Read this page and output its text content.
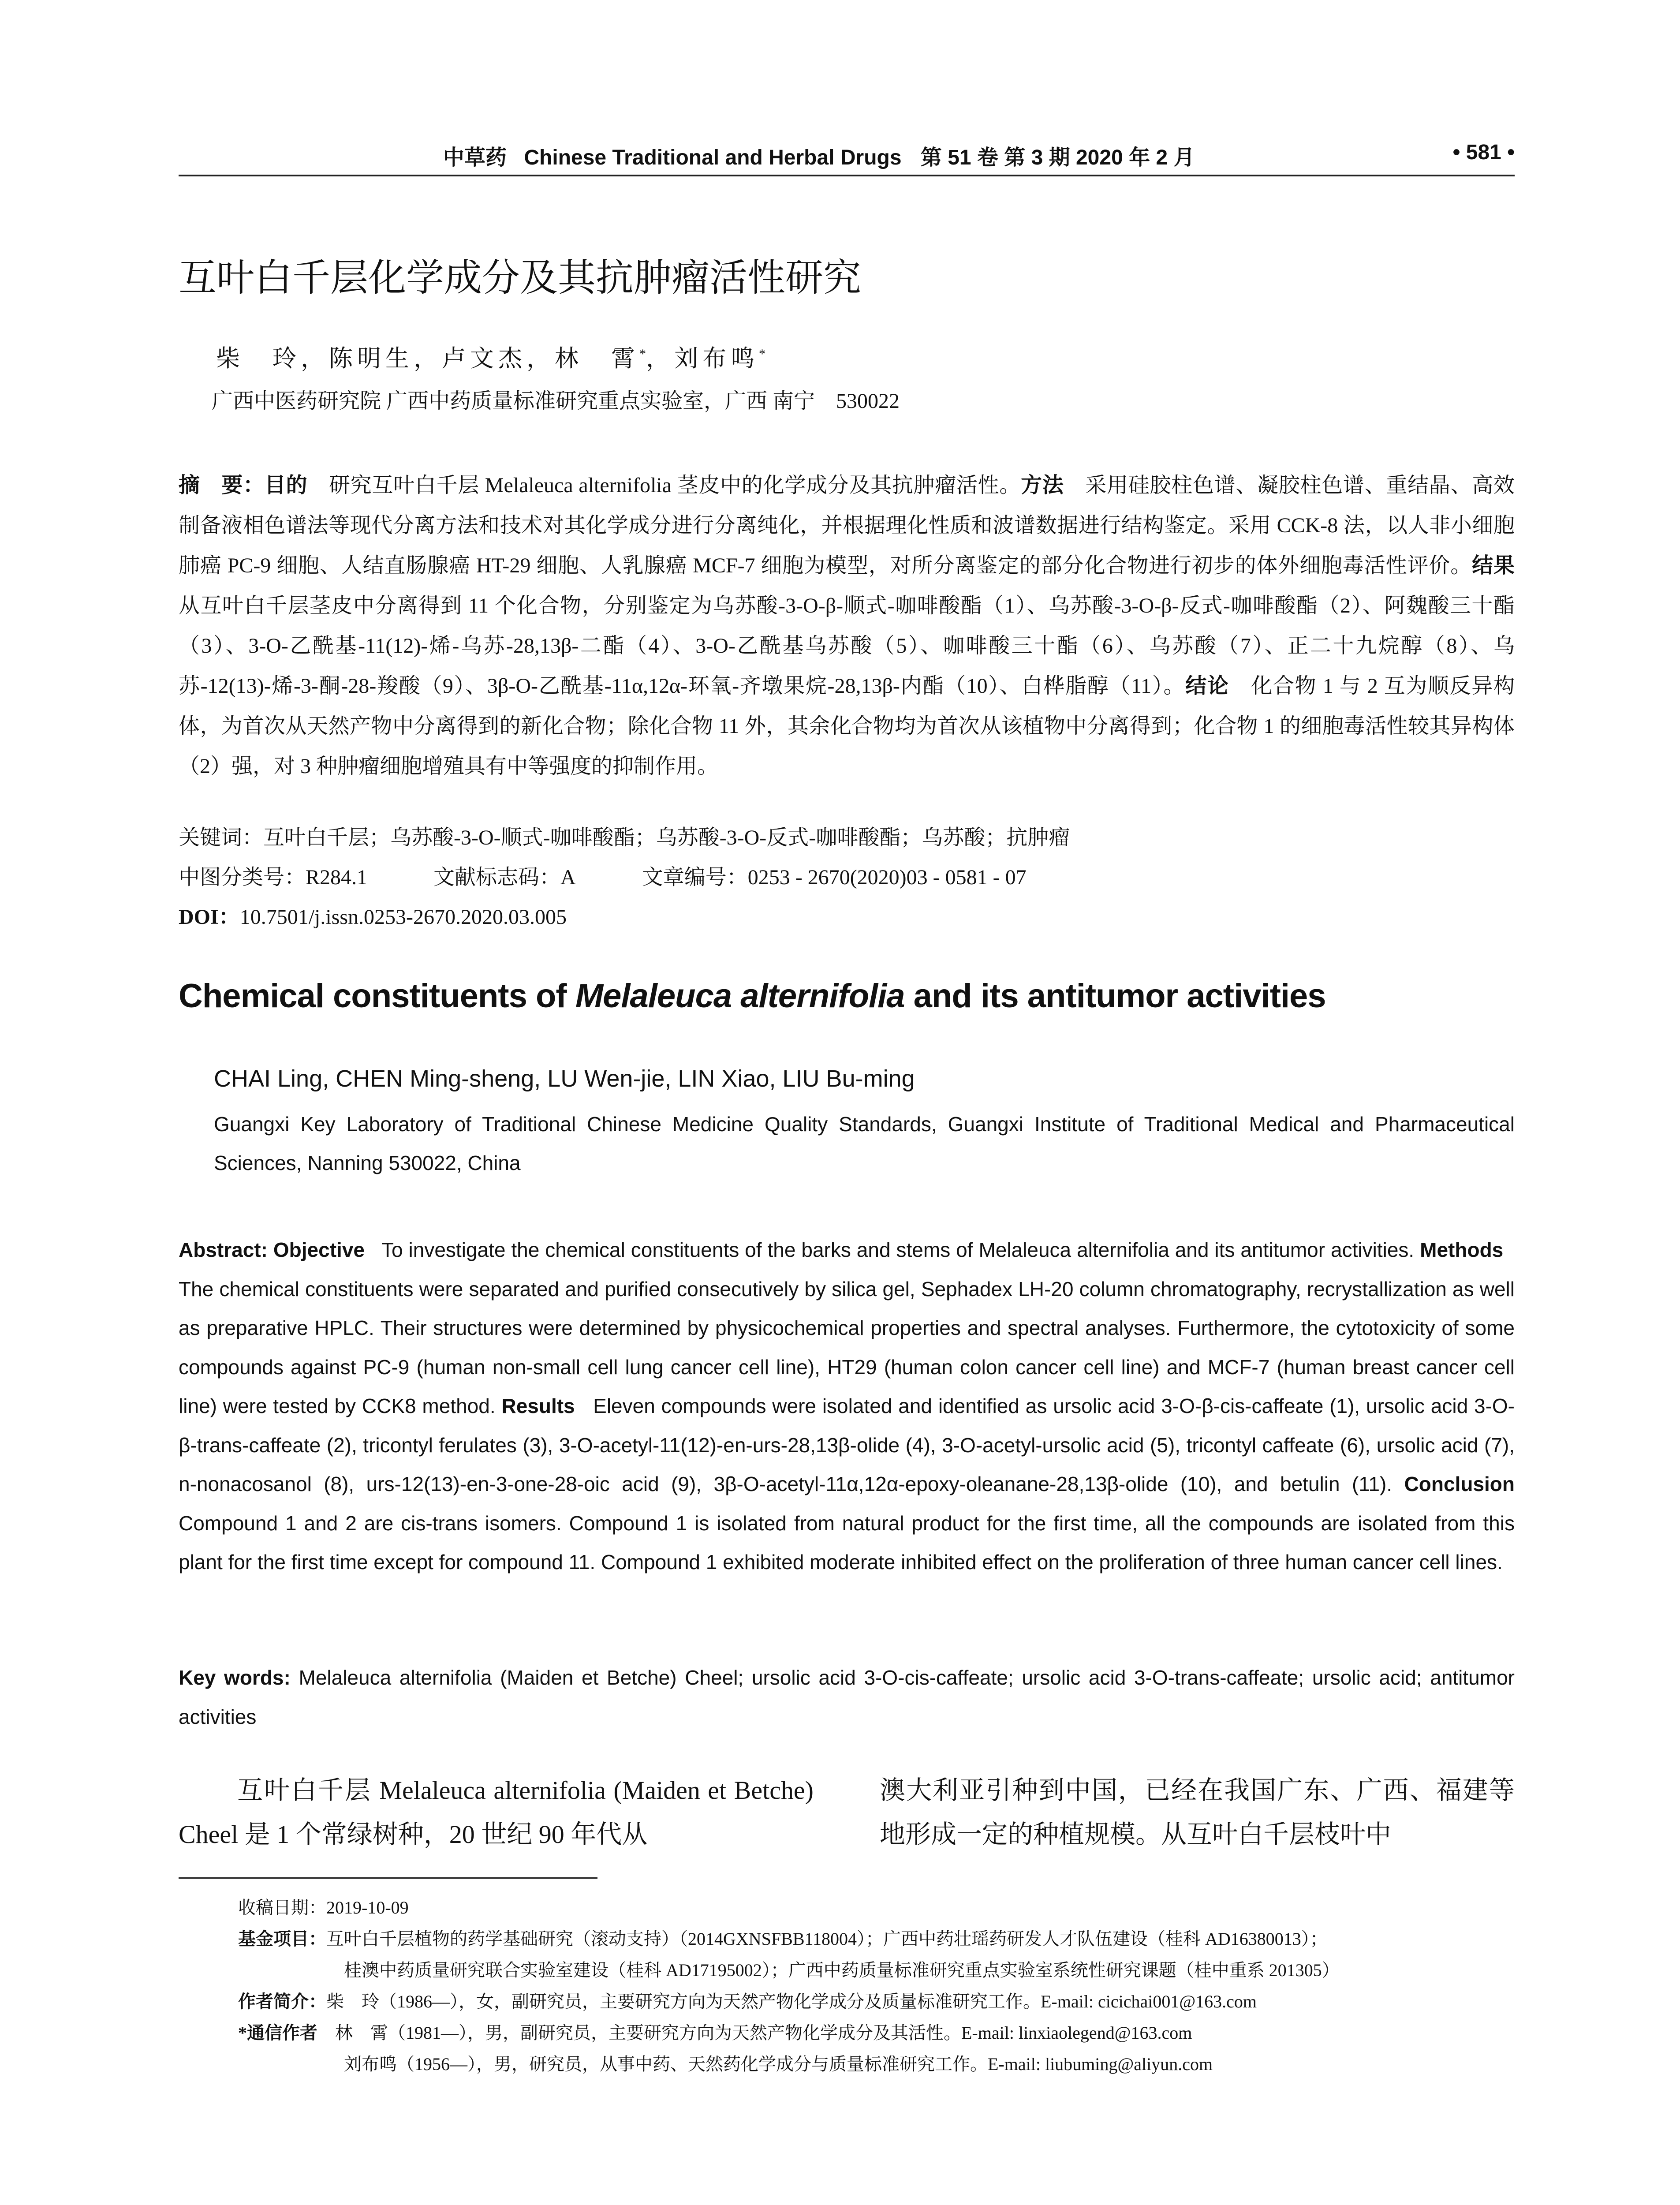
中草药 Chinese Traditional and Herbal Drugs 第 51 卷 第 3 期 2020 年 2 月	• 581 •
互叶白千层化学成分及其抗肿瘤活性研究
柴　玲，陈明生，卢文杰，林　霄*，刘布鸣*
广西中医药研究院 广西中药质量标准研究重点实验室，广西 南宁　530022
摘　要：目的　 研究互叶白千层 Melaleuca alternifolia 茎皮中的化学成分及其抗肿瘤活性。方法　 采用硅胶柱色谱、凝胶柱色谱、重结晶、高效制备液相色谱法等现代分离方法和技术对其化学成分进行分离纯化，并根据理化性质和波谱数据进行结构鉴定。采用 CCK-8 法，以人非小细胞肺癌 PC-9 细胞、人结直肠腺癌 HT-29 细胞、人乳腺癌 MCF-7 细胞为模型，对所分离鉴定的部分化合物进行初步的体外细胞毒活性评价。结果　从互叶白千层茎皮中分离得到 11 个化合物，分别鉴定为乌苏酸-3-O-β-顺式-咖啡酸酯（1）、乌苏酸-3-O-β-反式-咖啡酸酯（2）、阿魏酸三十酯（3）、3-O-乙酰基-11(12)-烯-乌苏-28,13β-二酯（4）、3-O-乙酰基乌苏酸（5）、咖啡酸三十酯（6）、乌苏酸（7）、正二十九烷醇（8）、乌苏-12(13)-烯-3-酮-28-羧酸（9）、3β-O-乙酰基-11α,12α-环氧-齐墩果烷-28,13β-内酯（10）、白桦脂醇（11）。结论　 化合物 1 与 2 互为顺反异构体，为首次从天然产物中分离得到的新化合物；除化合物 11 外，其余化合物均为首次从该植物中分离得到；化合物 1 的细胞毒活性较其异构体（2）强，对 3 种肿瘤细胞增殖具有中等强度的抑制作用。
关键词：互叶白千层；乌苏酸-3-O-顺式-咖啡酸酯；乌苏酸-3-O-反式-咖啡酸酯；乌苏酸；抗肿瘤
中图分类号：R284.1	文献标志码：A	文章编号：0253 - 2670(2020)03 - 0581 - 07
DOI：10.7501/j.issn.0253-2670.2020.03.005
Chemical constituents of Melaleuca alternifolia and its antitumor activities
CHAI Ling, CHEN Ming-sheng, LU Wen-jie, LIN Xiao, LIU Bu-ming
Guangxi Key Laboratory of Traditional Chinese Medicine Quality Standards, Guangxi Institute of Traditional Medical and Pharmaceutical Sciences, Nanning 530022, China
Abstract: Objective To investigate the chemical constituents of the barks and stems of Melaleuca alternifolia and its antitumor activities. Methods   The chemical constituents were separated and purified consecutively by silica gel, Sephadex LH-20 column chromatography, recrystallization as well as preparative HPLC. Their structures were determined by physicochemical properties and spectral analyses. Furthermore, the cytotoxicity of some compounds against PC-9 (human non-small cell lung cancer cell line), HT29 (human colon cancer cell line) and MCF-7 (human breast cancer cell line) were tested by CCK8 method. Results Eleven compounds were isolated and identified as ursolic acid 3-O-β-cis-caffeate (1), ursolic acid 3-O-β-trans-caffeate (2), tricontyl ferulates (3), 3-O-acetyl-11(12)-en-urs-28,13β-olide (4), 3-O-acetyl-ursolic acid (5), tricontyl caffeate (6), ursolic acid (7), n-nonacosanol (8), urs-12(13)-en-3-one-28-oic acid (9), 3β-O-acetyl-11α,12α-epoxy-oleanane-28,13β-olide (10), and betulin (11). Conclusion Compound 1 and 2 are cis-trans isomers. Compound 1 is isolated from natural product for the first time, all the compounds are isolated from this plant for the first time except for compound 11. Compound 1 exhibited moderate inhibited effect on the proliferation of three human cancer cell lines.
Key words: Melaleuca alternifolia (Maiden et Betche) Cheel; ursolic acid 3-O-cis-caffeate; ursolic acid 3-O-trans-caffeate; ursolic acid; antitumor activities
互叶白千层 Melaleuca alternifolia (Maiden et Betche) Cheel 是 1 个常绿树种，20 世纪 90 年代从
澳大利亚引种到中国，已经在我国广东、广西、福建等地形成一定的种植规模。从互叶白千层枝叶中
收稿日期：2019-10-09
基金项目：互叶白千层植物的药学基础研究（滚动支持）（2014GXNSFBB118004）；广西中药壮瑶药研发人才队伍建设（桂科 AD16380013）；
桂澳中药质量研究联合实验室建设（桂科 AD17195002）；广西中药质量标准研究重点实验室系统性研究课题（桂中重系 201305）
作者简介：柴　玲（1986—），女，副研究员，主要研究方向为天然产物化学成分及质量标准研究工作。E-mail: cicichai001@163.com
*通信作者　 林　霄（1981—），男，副研究员，主要研究方向为天然产物化学成分及其活性。E-mail: linxiaolegend@163.com
刘布鸣（1956—），男，研究员，从事中药、天然药化学成分与质量标准研究工作。E-mail: liubuming@aliyun.com
